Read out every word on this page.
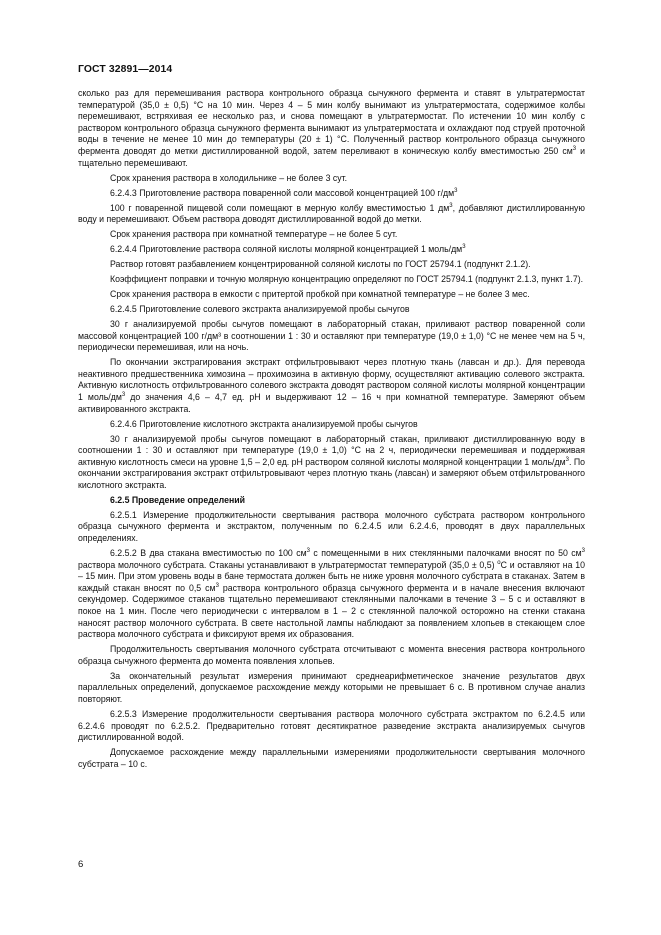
ГОСТ 32891—2014

сколько раз для перемешивания раствора контрольного образца сычужного фермента и ставят в ультратермостат температурой (35,0 ± 0,5) °С на 10 мин. Через 4 – 5 мин колбу вынимают из ультратермостата, содержимое колбы перемешивают, встряхивая ее несколько раз, и снова помещают в ультратермостат. По истечении 10 мин колбу с раствором контрольного образца сычужного фермента вынимают из ультратермостата и охлаждают под струей проточной воды в течение не менее 10 мин до температуры (20 ± 1) °С. Полученный раствор контрольного образца сычужного фермента доводят до метки дистиллированной водой, затем переливают в коническую колбу вместимостью 250 $см^3$ и тщательно перемешивают.

Срок хранения раствора в холодильнике – не более 3 сут.

6.2.4.3 Приготовление раствора поваренной соли массовой концентрацией 100 $г/дм^3$

100 г поваренной пищевой соли помещают в мерную колбу вместимостью 1 $дм^3$, добавляют дистиллированную воду и перемешивают. Объем раствора доводят дистиллированной водой до метки.

Срок хранения раствора при комнатной температуре – не более 5 сут.

6.2.4.4 Приготовление раствора соляной кислоты молярной концентрацией 1 моль/$дм^3$

Раствор готовят разбавлением концентрированной соляной кислоты по ГОСТ 25794.1 (подпункт 2.1.2).

Коэффициент поправки и точную молярную концентрацию определяют по ГОСТ 25794.1 (подпункт 2.1.3, пункт 1.7).

Срок хранения раствора в емкости с притертой пробкой при комнатной температуре – не более 3 мес.

6.2.4.5 Приготовление солевого экстракта анализируемой пробы сычугов

30 г анализируемой пробы сычугов помещают в лабораторный стакан, приливают раствор поваренной соли массовой концентрацией 100 г/дм³ в соотношении 1 : 30 и оставляют при температуре (19,0 ± 1,0) °С не менее чем на 5 ч, периодически перемешивая, или на ночь.

По окончании экстрагирования экстракт отфильтровывают через плотную ткань (лавсан и др.). Для перевода неактивного предшественника химозина – прохимозина в активную форму, осуществляют активацию солевого экстракта. Активную кислотность отфильтрованного солевого экстракта доводят раствором соляной кислоты молярной концентрации 1 моль/$дм^3$ до значения 4,6 – 4,7 ед. рН и выдерживают 12 – 16 ч при комнатной температуре. Замеряют объем активированного экстракта.

6.2.4.6 Приготовление кислотного экстракта анализируемой пробы сычугов

30 г анализируемой пробы сычугов помещают в лабораторный стакан, приливают дистиллированную воду в соотношении 1 : 30 и оставляют при температуре (19,0 ± 1,0) °С на 2 ч, периодически перемешивая и поддерживая активную кислотность смеси на уровне 1,5 – 2,0 ед. рН раствором соляной кислоты молярной концентрации 1 моль/$дм^3$. По окончании экстрагирования экстракт отфильтровывают через плотную ткань (лавсан) и замеряют объем отфильтрованного кислотного экстракта.

6.2.5 Проведение определений

6.2.5.1 Измерение продолжительности свертывания раствора молочного субстрата раствором контрольного образца сычужного фермента и экстрактом, полученным по 6.2.4.5 или 6.2.4.6, проводят в двух параллельных определениях.

6.2.5.2 В два стакана вместимостью по 100 $см^3$ с помещенными в них стеклянными палочками вносят по 50 $см^3$ раствора молочного субстрата. Стаканы устанавливают в ультратермостат температурой (35,0 ± 0,5) $^о$С и оставляют на 10 – 15 мин. При этом уровень воды в бане термостата должен быть не ниже уровня молочного субстрата в стаканах. Затем в каждый стакан вносят по 0,5 $см^3$ раствора контрольного образца сычужного фермента и в начале внесения включают секундомер. Содержимое стаканов тщательно перемешивают стеклянными палочками в течение 3 – 5 с и оставляют в покое на 1 мин. После чего периодически с интервалом в 1 – 2 с стеклянной палочкой осторожно на стенки стакана наносят раствор молочного субстрата. В свете настольной лампы наблюдают за появлением хлопьев в стекающем слое раствора молочного субстрата и фиксируют время их образования.

Продолжительность свертывания молочного субстрата отсчитывают с момента внесения раствора контрольного образца сычужного фермента до момента появления хлопьев.

За окончательный результат измерения принимают среднеарифметическое значение результатов двух параллельных определений, допускаемое расхождение между которыми не превышает 6 с. В противном случае анализ повторяют.

6.2.5.3 Измерение продолжительности свертывания раствора молочного субстрата экстрактом по 6.2.4.5 или 6.2.4.6 проводят по 6.2.5.2. Предварительно готовят десятикратное разведение экстракта анализируемых сычугов дистиллированной водой.

Допускаемое расхождение между параллельными измерениями продолжительности свертывания молочного субстрата – 10 с.

6
